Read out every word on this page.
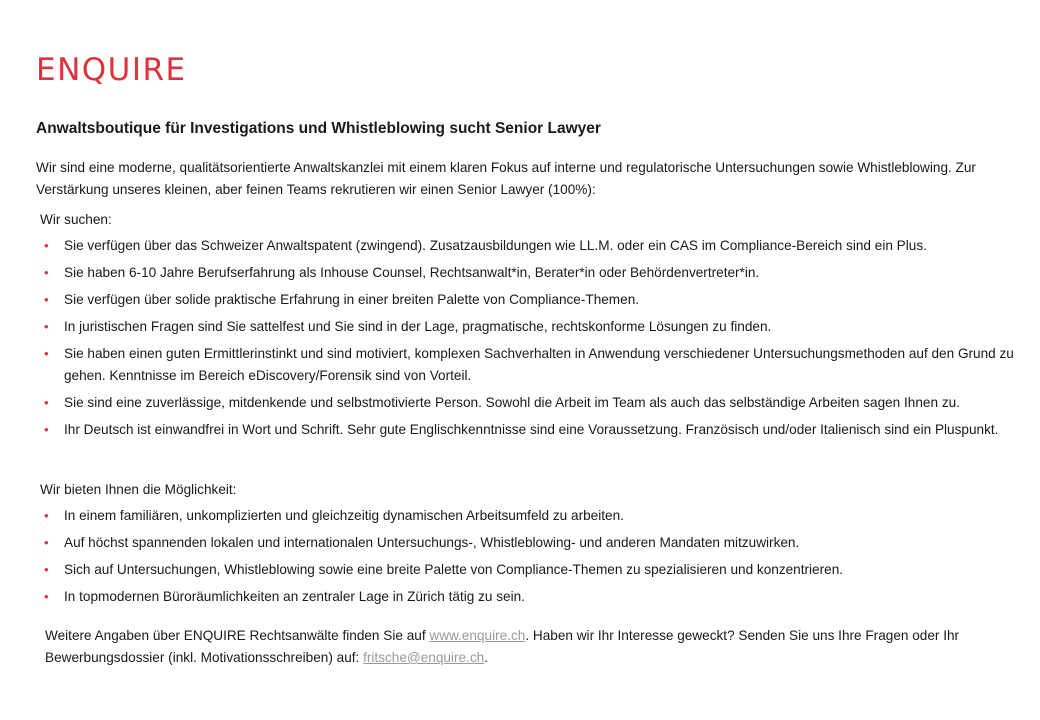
ENQUIRE
Anwaltsboutique für Investigations und Whistleblowing sucht Senior Lawyer

Wir sind eine moderne, qualitätsorientierte Anwaltskanzlei mit einem klaren Fokus auf interne und regulatorische Untersuchungen sowie Whistleblowing. Zur Verstärkung unseres kleinen, aber feinen Teams rekrutieren wir einen Senior Lawyer (100%):

Wir suchen:
• Sie verfügen über das Schweizer Anwaltspatent (zwingend). Zusatzausbildungen wie LL.M. oder ein CAS im Compliance-Bereich sind ein Plus.
• Sie haben 6-10 Jahre Berufserfahrung als Inhouse Counsel, Rechtsanwalt*in, Berater*in oder Behördenvertreter*in.
• Sie verfügen über solide praktische Erfahrung in einer breiten Palette von Compliance-Themen.
• In juristischen Fragen sind Sie sattelfest und Sie sind in der Lage, pragmatische, rechtskonforme Lösungen zu finden.
• Sie haben einen guten Ermittlerinstinkt und sind motiviert, komplexen Sachverhalten in Anwendung verschiedener Untersuchungsmethoden auf den Grund zu gehen. Kenntnisse im Bereich eDiscovery/Forensik sind von Vorteil.
• Sie sind eine zuverlässige, mitdenkende und selbstmotivierte Person. Sowohl die Arbeit im Team als auch das selbständige Arbeiten sagen Ihnen zu.
• Ihr Deutsch ist einwandfrei in Wort und Schrift. Sehr gute Englischkenntnisse sind eine Voraussetzung. Französisch und/oder Italienisch sind ein Pluspunkt.
Wir bieten Ihnen die Möglichkeit:
• In einem familiären, unkomplizierten und gleichzeitig dynamischen Arbeitsumfeld zu arbeiten.
• Auf höchst spannenden lokalen und internationalen Untersuchungs-, Whistleblowing- und anderen Mandaten mitzuwirken.
• Sich auf Untersuchungen, Whistleblowing sowie eine breite Palette von Compliance-Themen zu spezialisieren und konzentrieren.
• In topmodernen Büroräumlichkeiten an zentraler Lage in Zürich tätig zu sein.

Weitere Angaben über ENQUIRE Rechtsanwälte finden Sie auf www.enquire.ch. Haben wir Ihr Interesse geweckt? Senden Sie uns Ihre Fragen oder Ihr Bewerbungsdossier (inkl. Motivationsschreiben) auf: fritsche@enquire.ch.
